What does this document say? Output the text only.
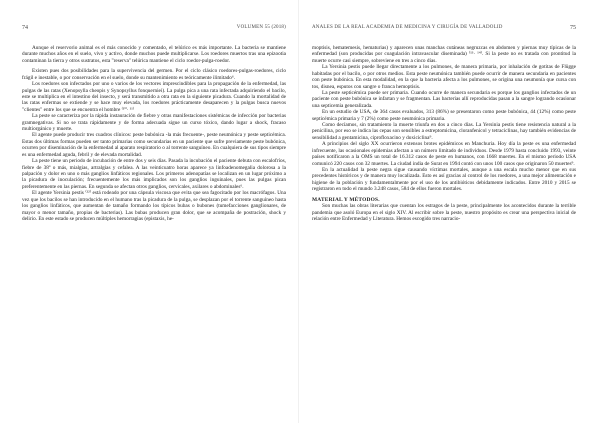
74	VOLUMEN 55 (2018)

Aunque el reservorio animal es el más conocido y comentado, el telúrico es más importante. La bacteria se mantiene durante muchos años en el suelo, vivo y activo, donde muchos puede multiplicarse. Los roedores muertos tras una epizootia contaminan la tierra y otros sustratos, esta "reserva" telúrica mantiene el ciclo roedor-pulga-roedor.

Existen pues dos posibilidades para la supervivencia del germen. Por el ciclo clásico roedores-pulgas-roedores, ciclo frágil e inestable, o por conservación en el suelo, donde su mantenimiento es teóricamente ilimitado⁶.

Los roedores son infectados por uno o varios de los vectores imprescindibles para la propagación de la enfermedad, las pulgas de las ratas (Xenopsylla cheopis y Synopsyllus fonquerniei). La pulga pica a una rata infectada adquiriendo el bacilo, este se multiplica en el intestino del insecto, y será transmitido a otra rata en la siguiente picadura. Cuando la mortalidad de las ratas enfermas se extiende y se hace muy elevada, los roedores prácticamente desaparecen y la pulgas busca nuevos "clientes" entre los que se encuentra el hombre ⁽¹⁰· ¹¹⁾

La peste se caracteriza por la rápida instauración de fiebre y otras manifestaciones sistémicas de infección por bacterias gramnegativas. Si no se trata rápidamente y de forma adecuada sigue un curso tóxico, dando lugar a shock, fracaso multiorgánico y muerte.

El agente puede producir tres cuadros clínicos: peste bubónica -la más frecuente-, peste neumónica y peste septicémica. Estas dos últimas formas pueden ser tanto primarias como secundarias en un paciente que sufre previamente peste bubónica, ocurren por diseminación de la enfermedad al aparato respiratorio o al torrente sanguíneo. En cualquiera de sus tipos siempre es una enfermedad aguda, febril y de elevada mortalidad.

La peste tiene un periodo de incubación de entre dos y seis días. Pasada la incubación el paciente debuta con escalofríos, fiebre de 38º o más, mialgias, artralgias y cefalea. A las veinticuatro horas aparece ya linfoadenomegalia dolorosa a la palpación y dolor en uno o más ganglios linfáticos regionales. Los primeros adenopatías se localizan en un lugar próximo a la picadura de inoculación; frecuentemente los más implicados son los ganglios inguinales, pues las pulgas pican preferentemente en las piernas. En segunda se afectan otros ganglios, cervicales, axilares o abdominales⁶.

El agente Yersinia pestis ⁽¹²⁾ está rodeado por una cápsula viscosa que evita que sea fagocitado por los macrófagos. Una vez que los bacilos se han introducido en el humano tras la picadura de la pulga, se desplazan por el torrente sanguíneo hasta los ganglios linfáticos, que aumentan de tamaño formando los típicos bubas o bubones (tumefacciones ganglionares, de mayor o menor tamaño, propias de bacterias). Las bubas producen gran dolor, que se acompaña de postración, shock y delirio. En este estado se producen múltiples hemorragias (epistaxis, he-

ANALES DE LA REAL ACADEMIA DE MEDICINA Y CIRUGÍA DE VALLADOLID	75

moptisis, hematemesis, hematurias) y aparecen unas manchas cutáneas negruzcas en abdomen y piernas muy típicas de la enfermedad (son producidas por coagulación intravascular diseminada) ⁽¹³· ¹⁴⁾. Si la peste no es tratada con prontitud la muerte ocurre casi siempre, sobreviene en tres a cinco días.

La Yersinia pestis puede llegar directamente a los pulmones, de manera primaria, por inhalación de gotitas de Flügge habitadas por el bacilo, o por otros medios. Esta peste neumónica también puede ocurrir de manera secundaria en pacientes con peste bubónica. En esta modalidad, en la que la bacteria afecta a los pulmones, se origina una neumonía que cursa con tos, disnea, esputos con sangre o franca hemoptisis.

La peste septicémica puede ser primaria. Cuando ocurre de manera secundaria es porque los ganglios infectados de un paciente con peste bubónica se infartan y se fragmentan. Las bacterias allí reproducidas pasan a la sangre logrando ocasionar una septicemia generalizada.

En un estudio de USA, de 364 casos evaluados, 313 (86%) se presentaron como peste bubónica, 44 (12%) como peste septicémica primaria y 7 (2%) como peste neumónica primaria.

Como decíamos, sin tratamiento la muerte triunfa en dos a cinco días. La Yersinia pestis tiene resistencia natural a la penicilina, por eso se indica las cepas son sensibles a estreptomicina, cloranfenicol y tetraciclinas, hay también evidencias de sensibilidad a gentamicina, ciprofloxacino y doxiciclina⁹.

A principios del siglo XX ocurrieron extensos brotes epidémicos en Manchuria. Hoy día la peste es una enfermedad infrecuente, las ocasionales epidemias afectan a un número limitado de individuos. Desde 1979 hasta concluido 1993, veinte países notificaron a la OMS un total de 16.312 casos de peste en humanos, con 1668 muertes. En el mismo periodo USA comunicó 220 casos con 32 muertes. La ciudad india de Surat en 1994 contó con unos 100 casos que originaron 50 muertes⁹.

En la actualidad la peste negra sigue causando víctimas mortales, aunque a una escala mucho menor que en sus precedentes históricos y de manera muy localizada. Esto es así gracias al control de los roedores, a una mejor alimentación e higiene de la población y fundamentalmente por el uso de los antibióticos debidamente indicados. Entre 2010 y 2015 se registraron en todo el mundo 3.248 casos, 584 de ellos fueron mortales.

MATERIAL Y MÉTODOS.

Son muchas las obras literarias que cuentan los estragos de la peste, principalmente los acontecidos durante la terrible pandemia que asoló Europa en el siglo XIV. Al escribir sobre la peste, nuestro propósito es crear una perspectiva inicial de relación entre Enfermedad y Literatura. Hemos escogido tres narracio-
